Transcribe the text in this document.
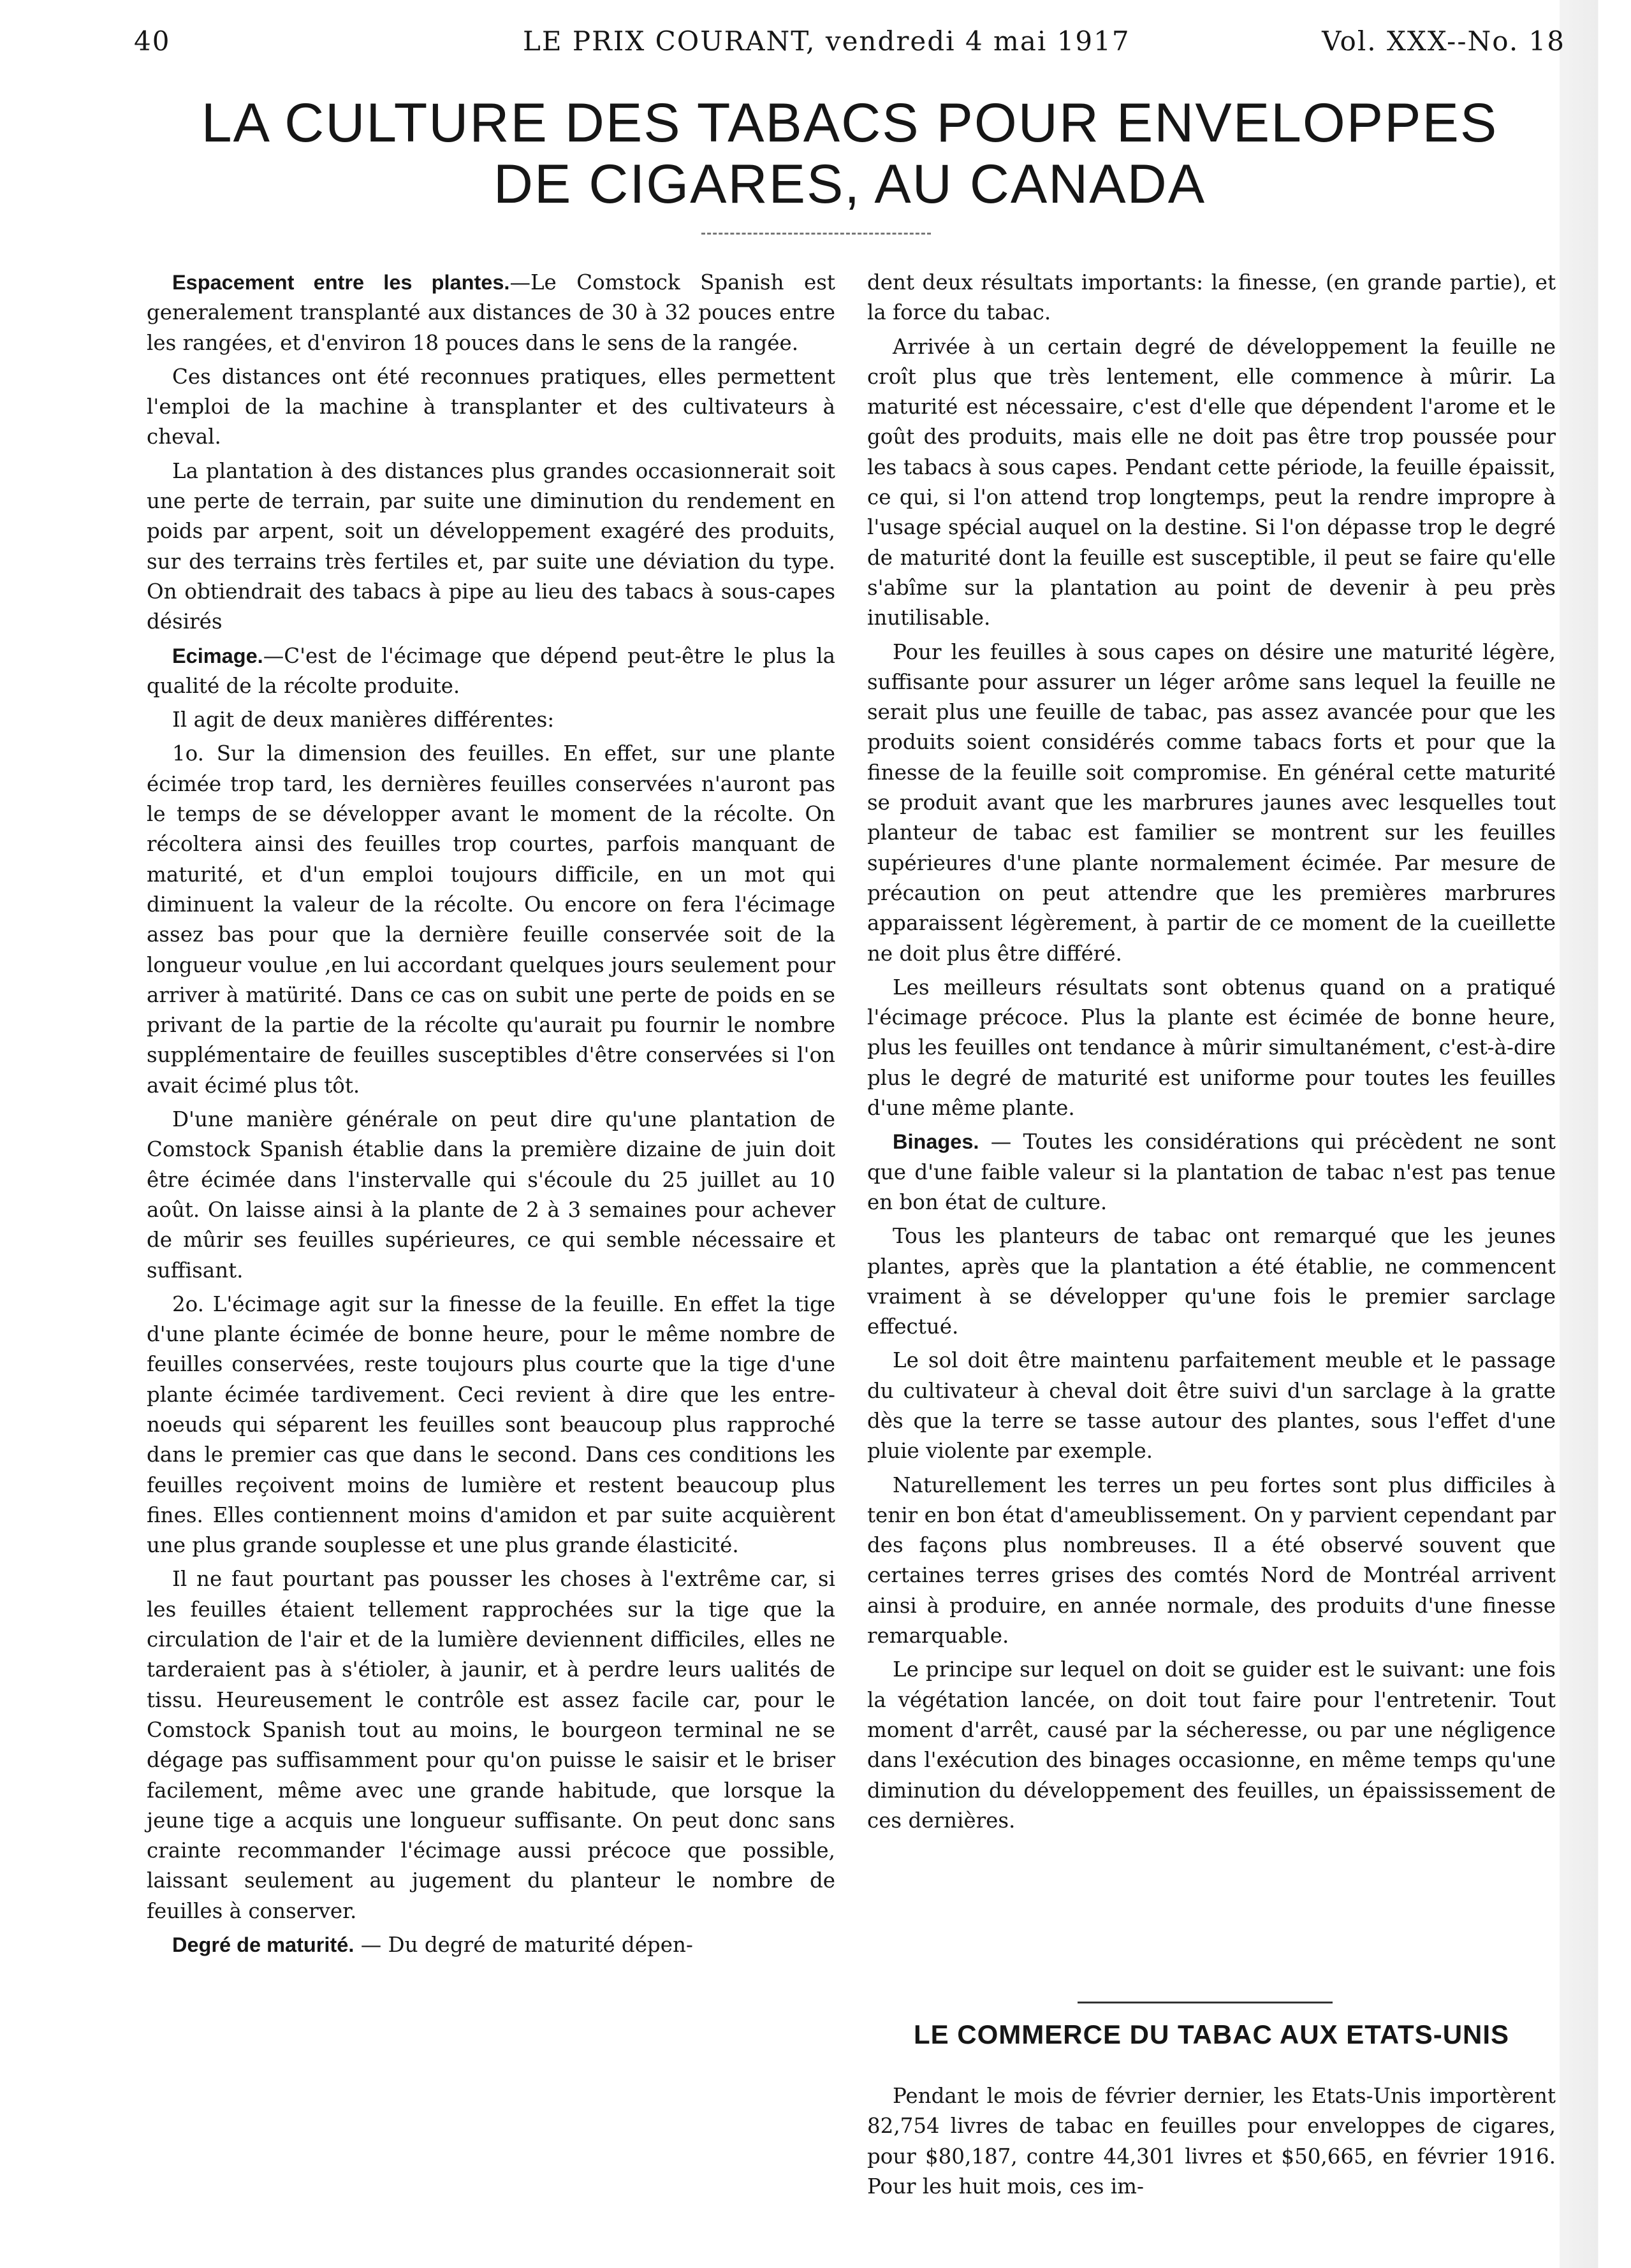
40	LE PRIX COURANT, vendredi 4 mai 1917	Vol. XXX--No. 18
LA CULTURE DES TABACS POUR ENVELOPPES
DE CIGARES, AU CANADA

Espacement entre les plantes.—Le Comstock Spanish est generalement transplanté aux distances de 30 à 32 pouces entre les rangées, et d'environ 18 pouces dans le sens de la rangée.

Ces distances ont été reconnues pratiques, elles permettent l'emploi de la machine à transplanter et des cultivateurs à cheval.

La plantation à des distances plus grandes occasionnerait soit une perte de terrain, par suite une diminution du rendement en poids par arpent, soit un développement exagéré des produits, sur des terrains très fertiles et, par suite une déviation du type. On obtiendrait des tabacs à pipe au lieu des tabacs à sous-capes désirés

Ecimage.—C'est de l'écimage que dépend peut-être le plus la qualité de la récolte produite.

Il agit de deux manières différentes:

1o. Sur la dimension des feuilles. En effet, sur une plante écimée trop tard, les dernières feuilles conservées n'auront pas le temps de se développer avant le moment de la récolte. On récoltera ainsi des feuilles trop courtes, parfois manquant de maturité, et d'un emploi toujours difficile, en un mot qui diminuent la valeur de la récolte. Ou encore on fera l'écimage assez bas pour que la dernière feuille conservée soit de la longueur voulue ,en lui accordant quelques jours seulement pour arriver à matürité. Dans ce cas on subit une perte de poids en se privant de la partie de la récolte qu'aurait pu fournir le nombre supplémentaire de feuilles susceptibles d'être conservées si l'on avait écimé plus tôt.

D'une manière générale on peut dire qu'une plantation de Comstock Spanish établie dans la première dizaine de juin doit être écimée dans l'instervalle qui s'écoule du 25 juillet au 10 août. On laisse ainsi à la plante de 2 à 3 semaines pour achever de mûrir ses feuilles supérieures, ce qui semble nécessaire et suffisant.

2o. L'écimage agit sur la finesse de la feuille. En effet la tige d'une plante écimée de bonne heure, pour le même nombre de feuilles conservées, reste toujours plus courte que la tige d'une plante écimée tardivement. Ceci revient à dire que les entre-noeuds qui séparent les feuilles sont beaucoup plus rapproché dans le premier cas que dans le second. Dans ces conditions les feuilles reçoivent moins de lumière et restent beaucoup plus fines. Elles contiennent moins d'amidon et par suite acquièrent une plus grande souplesse et une plus grande élasticité.

Il ne faut pourtant pas pousser les choses à l'extrême car, si les feuilles étaient tellement rapprochées sur la tige que la circulation de l'air et de la lumière deviennent difficiles, elles ne tarderaient pas à s'étioler, à jaunir, et à perdre leurs ualités de tissu. Heureusement le contrôle est assez facile car, pour le Comstock Spanish tout au moins, le bourgeon terminal ne se dégage pas suffisamment pour qu'on puisse le saisir et le briser facilement, même avec une grande habitude, que lorsque la jeune tige a acquis une longueur suffisante. On peut donc sans crainte recommander l'écimage aussi précoce que possible, laissant seulement au jugement du planteur le nombre de feuilles à conserver.

Degré de maturité. — Du degré de maturité dépen-

dent deux résultats importants: la finesse, (en grande partie), et la force du tabac.

Arrivée à un certain degré de développement la feuille ne croît plus que très lentement, elle commence à mûrir. La maturité est nécessaire, c'est d'elle que dépendent l'arome et le goût des produits, mais elle ne doit pas être trop poussée pour les tabacs à sous capes. Pendant cette période, la feuille épaissit, ce qui, si l'on attend trop longtemps, peut la rendre impropre à l'usage spécial auquel on la destine. Si l'on dépasse trop le degré de maturité dont la feuille est susceptible, il peut se faire qu'elle s'abîme sur la plantation au point de devenir à peu près inutilisable.

Pour les feuilles à sous capes on désire une maturité légère, suffisante pour assurer un léger arôme sans lequel la feuille ne serait plus une feuille de tabac, pas assez avancée pour que les produits soient considérés comme tabacs forts et pour que la finesse de la feuille soit compromise. En général cette maturité se produit avant que les marbrures jaunes avec lesquelles tout planteur de tabac est familier se montrent sur les feuilles supérieures d'une plante normalement écimée. Par mesure de précaution on peut attendre que les premières marbrures apparaissent légèrement, à partir de ce moment de la cueillette ne doit plus être différé.

Les meilleurs résultats sont obtenus quand on a pratiqué l'écimage précoce. Plus la plante est écimée de bonne heure, plus les feuilles ont tendance à mûrir simultanément, c'est-à-dire plus le degré de maturité est uniforme pour toutes les feuilles d'une même plante.

Binages. — Toutes les considérations qui précèdent ne sont que d'une faible valeur si la plantation de tabac n'est pas tenue en bon état de culture.

Tous les planteurs de tabac ont remarqué que les jeunes plantes, après que la plantation a été établie, ne commencent vraiment à se développer qu'une fois le premier sarclage effectué.

Le sol doit être maintenu parfaitement meuble et le passage du cultivateur à cheval doit être suivi d'un sarclage à la gratte dès que la terre se tasse autour des plantes, sous l'effet d'une pluie violente par exemple.

Naturellement les terres un peu fortes sont plus difficiles à tenir en bon état d'ameublissement. On y parvient cependant par des façons plus nombreuses. Il a été observé souvent que certaines terres grises des comtés Nord de Montréal arrivent ainsi à produire, en année normale, des produits d'une finesse remarquable.

Le principe sur lequel on doit se guider est le suivant: une fois la végétation lancée, on doit tout faire pour l'entretenir. Tout moment d'arrêt, causé par la sécheresse, ou par une négligence dans l'exécution des binages occasionne, en même temps qu'une diminution du développement des feuilles, un épaississement de ces dernières.

LE COMMERCE DU TABAC AUX ETATS-UNIS

Pendant le mois de février dernier, les Etats-Unis importèrent 82,754 livres de tabac en feuilles pour enveloppes de cigares, pour $80,187, contre 44,301 livres et $50,665, en février 1916. Pour les huit mois, ces im-
